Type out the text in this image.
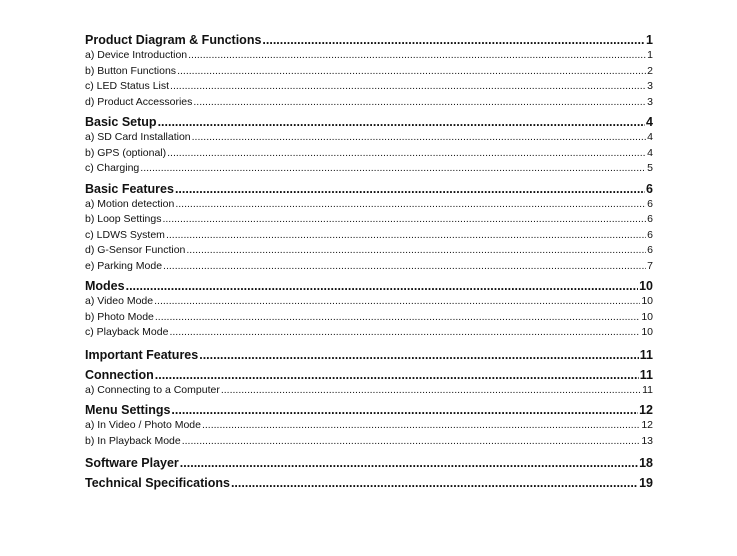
Product Diagram & Functions .....	1
a) Device Introduction .....	1
b) Button Functions .....	2
c) LED Status List .....	3
d) Product Accessories .....	3
Basic Setup .....	4
a) SD Card Installation .....	4
b) GPS (optional) .....	4
c) Charging .....	5
Basic Features .....	6
a) Motion detection .....	6
b) Loop Settings .....	6
c) LDWS System .....	6
d) G-Sensor Function .....	6
e) Parking Mode .....	7
Modes .....	10
a) Video Mode .....	10
b) Photo Mode .....	10
c) Playback Mode .....	10
Important Features .....	11
Connection .....	11
a) Connecting to a Computer .....	11
Menu Settings .....	12
a) In Video / Photo Mode .....	12
b) In Playback Mode .....	13
Software Player .....	18
Technical Specifications .....	19
